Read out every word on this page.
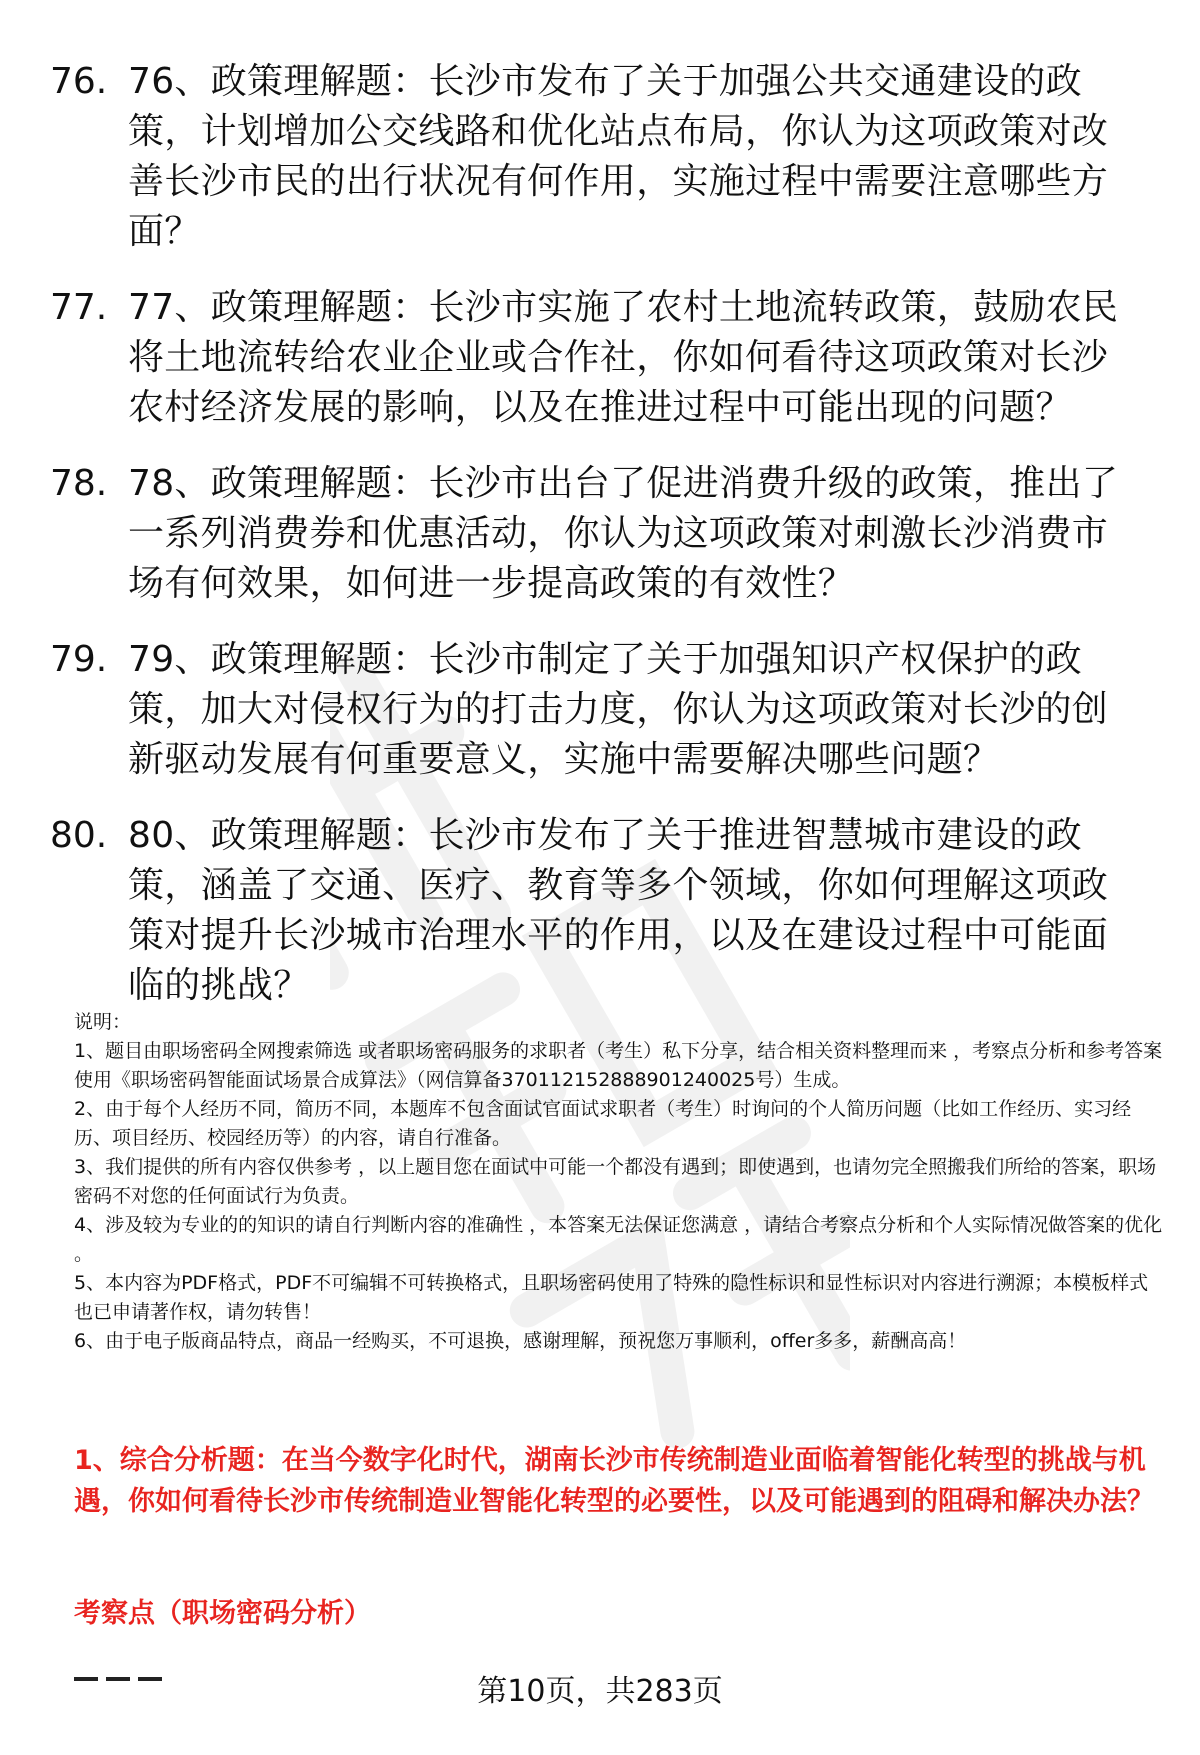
76. 76、政策理解题：长沙市发布了关于加强公共交通建设的政策，计划增加公交线路和优化站点布局，你认为这项政策对改善长沙市民的出行状况有何作用，实施过程中需要注意哪些方面？
77. 77、政策理解题：长沙市实施了农村土地流转政策，鼓励农民将土地流转给农业企业或合作社，你如何看待这项政策对长沙农村经济发展的影响，以及在推进过程中可能出现的问题？
78. 78、政策理解题：长沙市出台了促进消费升级的政策，推出了一系列消费券和优惠活动，你认为这项政策对刺激长沙消费市场有何效果，如何进一步提高政策的有效性？
79. 79、政策理解题：长沙市制定了关于加强知识产权保护的政策，加大对侵权行为的打击力度，你认为这项政策对长沙的创新驱动发展有何重要意义，实施中需要解决哪些问题？
80. 80、政策理解题：长沙市发布了关于推进智慧城市建设的政策，涵盖了交通、医疗、教育等多个领域，你如何理解这项政策对提升长沙城市治理水平的作用，以及在建设过程中可能面临的挑战？

说明：

1、题目由职场密码全网搜索筛选 或者职场密码服务的求职者（考生）私下分享，结合相关资料整理而来 ，考察点分析和参考答案使用《职场密码智能面试场景合成算法》（网信算备370112152888901240025号）生成。

2、由于每个人经历不同，简历不同，本题库不包含面试官面试求职者（考生）时询问的个人简历问题（比如工作经历、实习经历、项目经历、校园经历等）的内容，请自行准备。

3、我们提供的所有内容仅供参考 ，以上题目您在面试中可能一个都没有遇到；即使遇到，也请勿完全照搬我们所给的答案，职场密码不对您的任何面试行为负责。

4、涉及较为专业的的知识的请自行判断内容的准确性 ，本答案无法保证您满意 ，请结合考察点分析和个人实际情况做答案的优化 。

5、本内容为PDF格式，PDF不可编辑不可转换格式，且职场密码使用了特殊的隐性标识和显性标识对内容进行溯源；本模板样式也已申请著作权，请勿转售！

6、由于电子版商品特点，商品一经购买，不可退换，感谢理解，预祝您万事顺利，offer多多，薪酬高高！

1、综合分析题：在当今数字化时代，湖南长沙市传统制造业面临着智能化转型的挑战与机遇，你如何看待长沙市传统制造业智能化转型的必要性，以及可能遇到的阻碍和解决办法？
考察点（职场密码分析）
第10页，共283页
